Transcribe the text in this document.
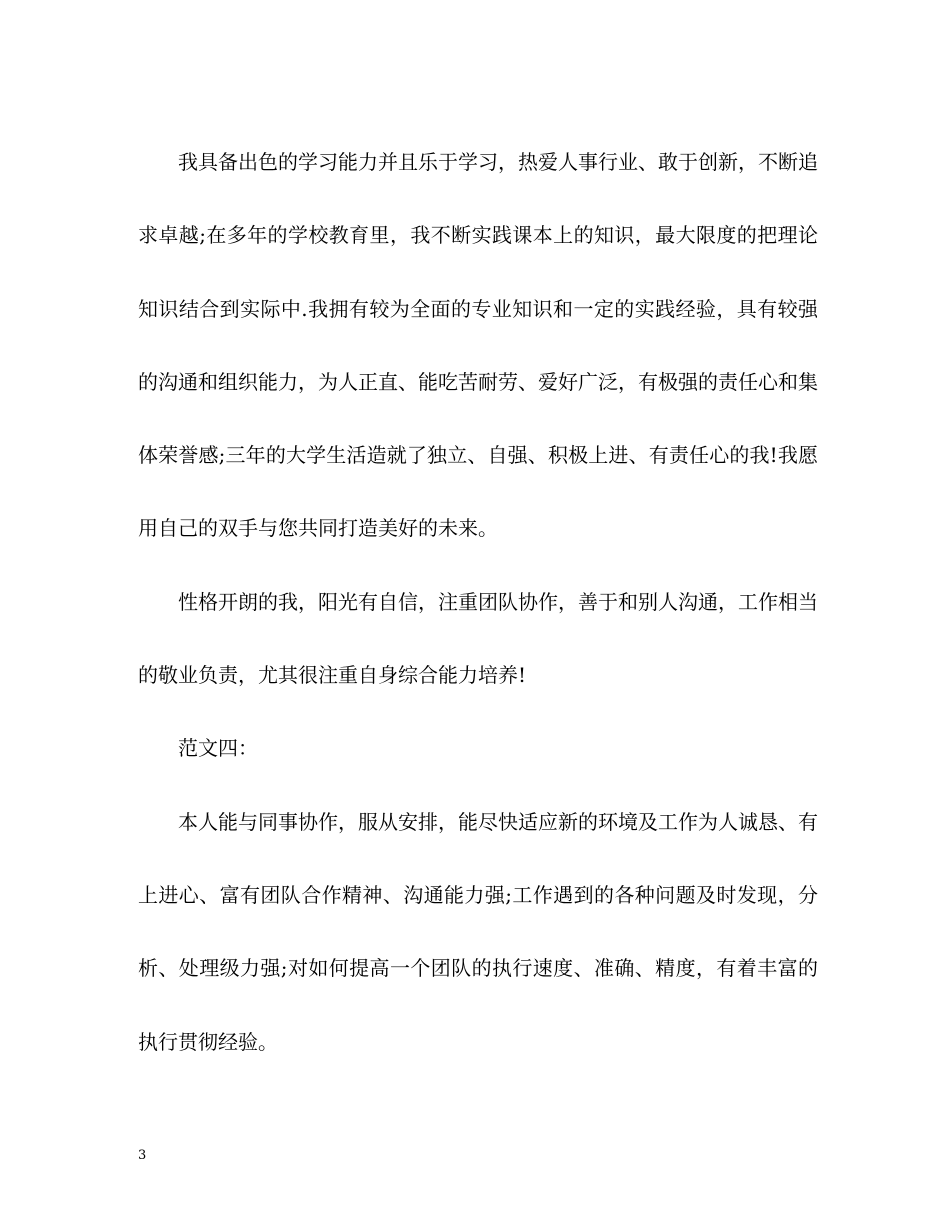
我具备出色的学习能力并且乐于学习，热爱人事行业、敢于创新，不断追求卓越;在多年的学校教育里，我不断实践课本上的知识，最大限度的把理论知识结合到实际中.我拥有较为全面的专业知识和一定的实践经验，具有较强的沟通和组织能力，为人正直、能吃苦耐劳、爱好广泛，有极强的责任心和集体荣誉感;三年的大学生活造就了独立、自强、积极上进、有责任心的我!我愿用自己的双手与您共同打造美好的未来。

性格开朗的我，阳光有自信，注重团队协作，善于和别人沟通，工作相当的敬业负责，尤其很注重自身综合能力培养!

范文四：

本人能与同事协作，服从安排，能尽快适应新的环境及工作为人诚恳、有上进心、富有团队合作精神、沟通能力强;工作遇到的各种问题及时发现，分析、处理级力强;对如何提高一个团队的执行速度、准确、精度，有着丰富的执行贯彻经验。

3
